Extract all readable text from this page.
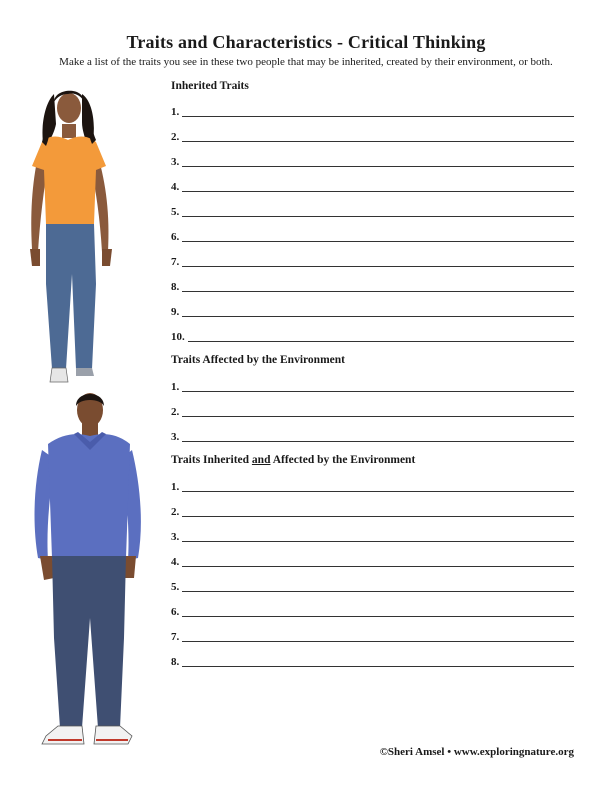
Traits and Characteristics - Critical Thinking
Make a list of the traits you see in these two people that may be inherited, created by their environment, or both.
Inherited Traits
1.
2.
3.
4.
5.
6.
7.
8.
9.
10.
Traits Affected by the Environment
1.
2.
3.
Traits Inherited and Affected by the Environment
1.
2.
3.
4.
5.
6.
7.
8.
©Sheri Amsel • www.exploringnature.org
